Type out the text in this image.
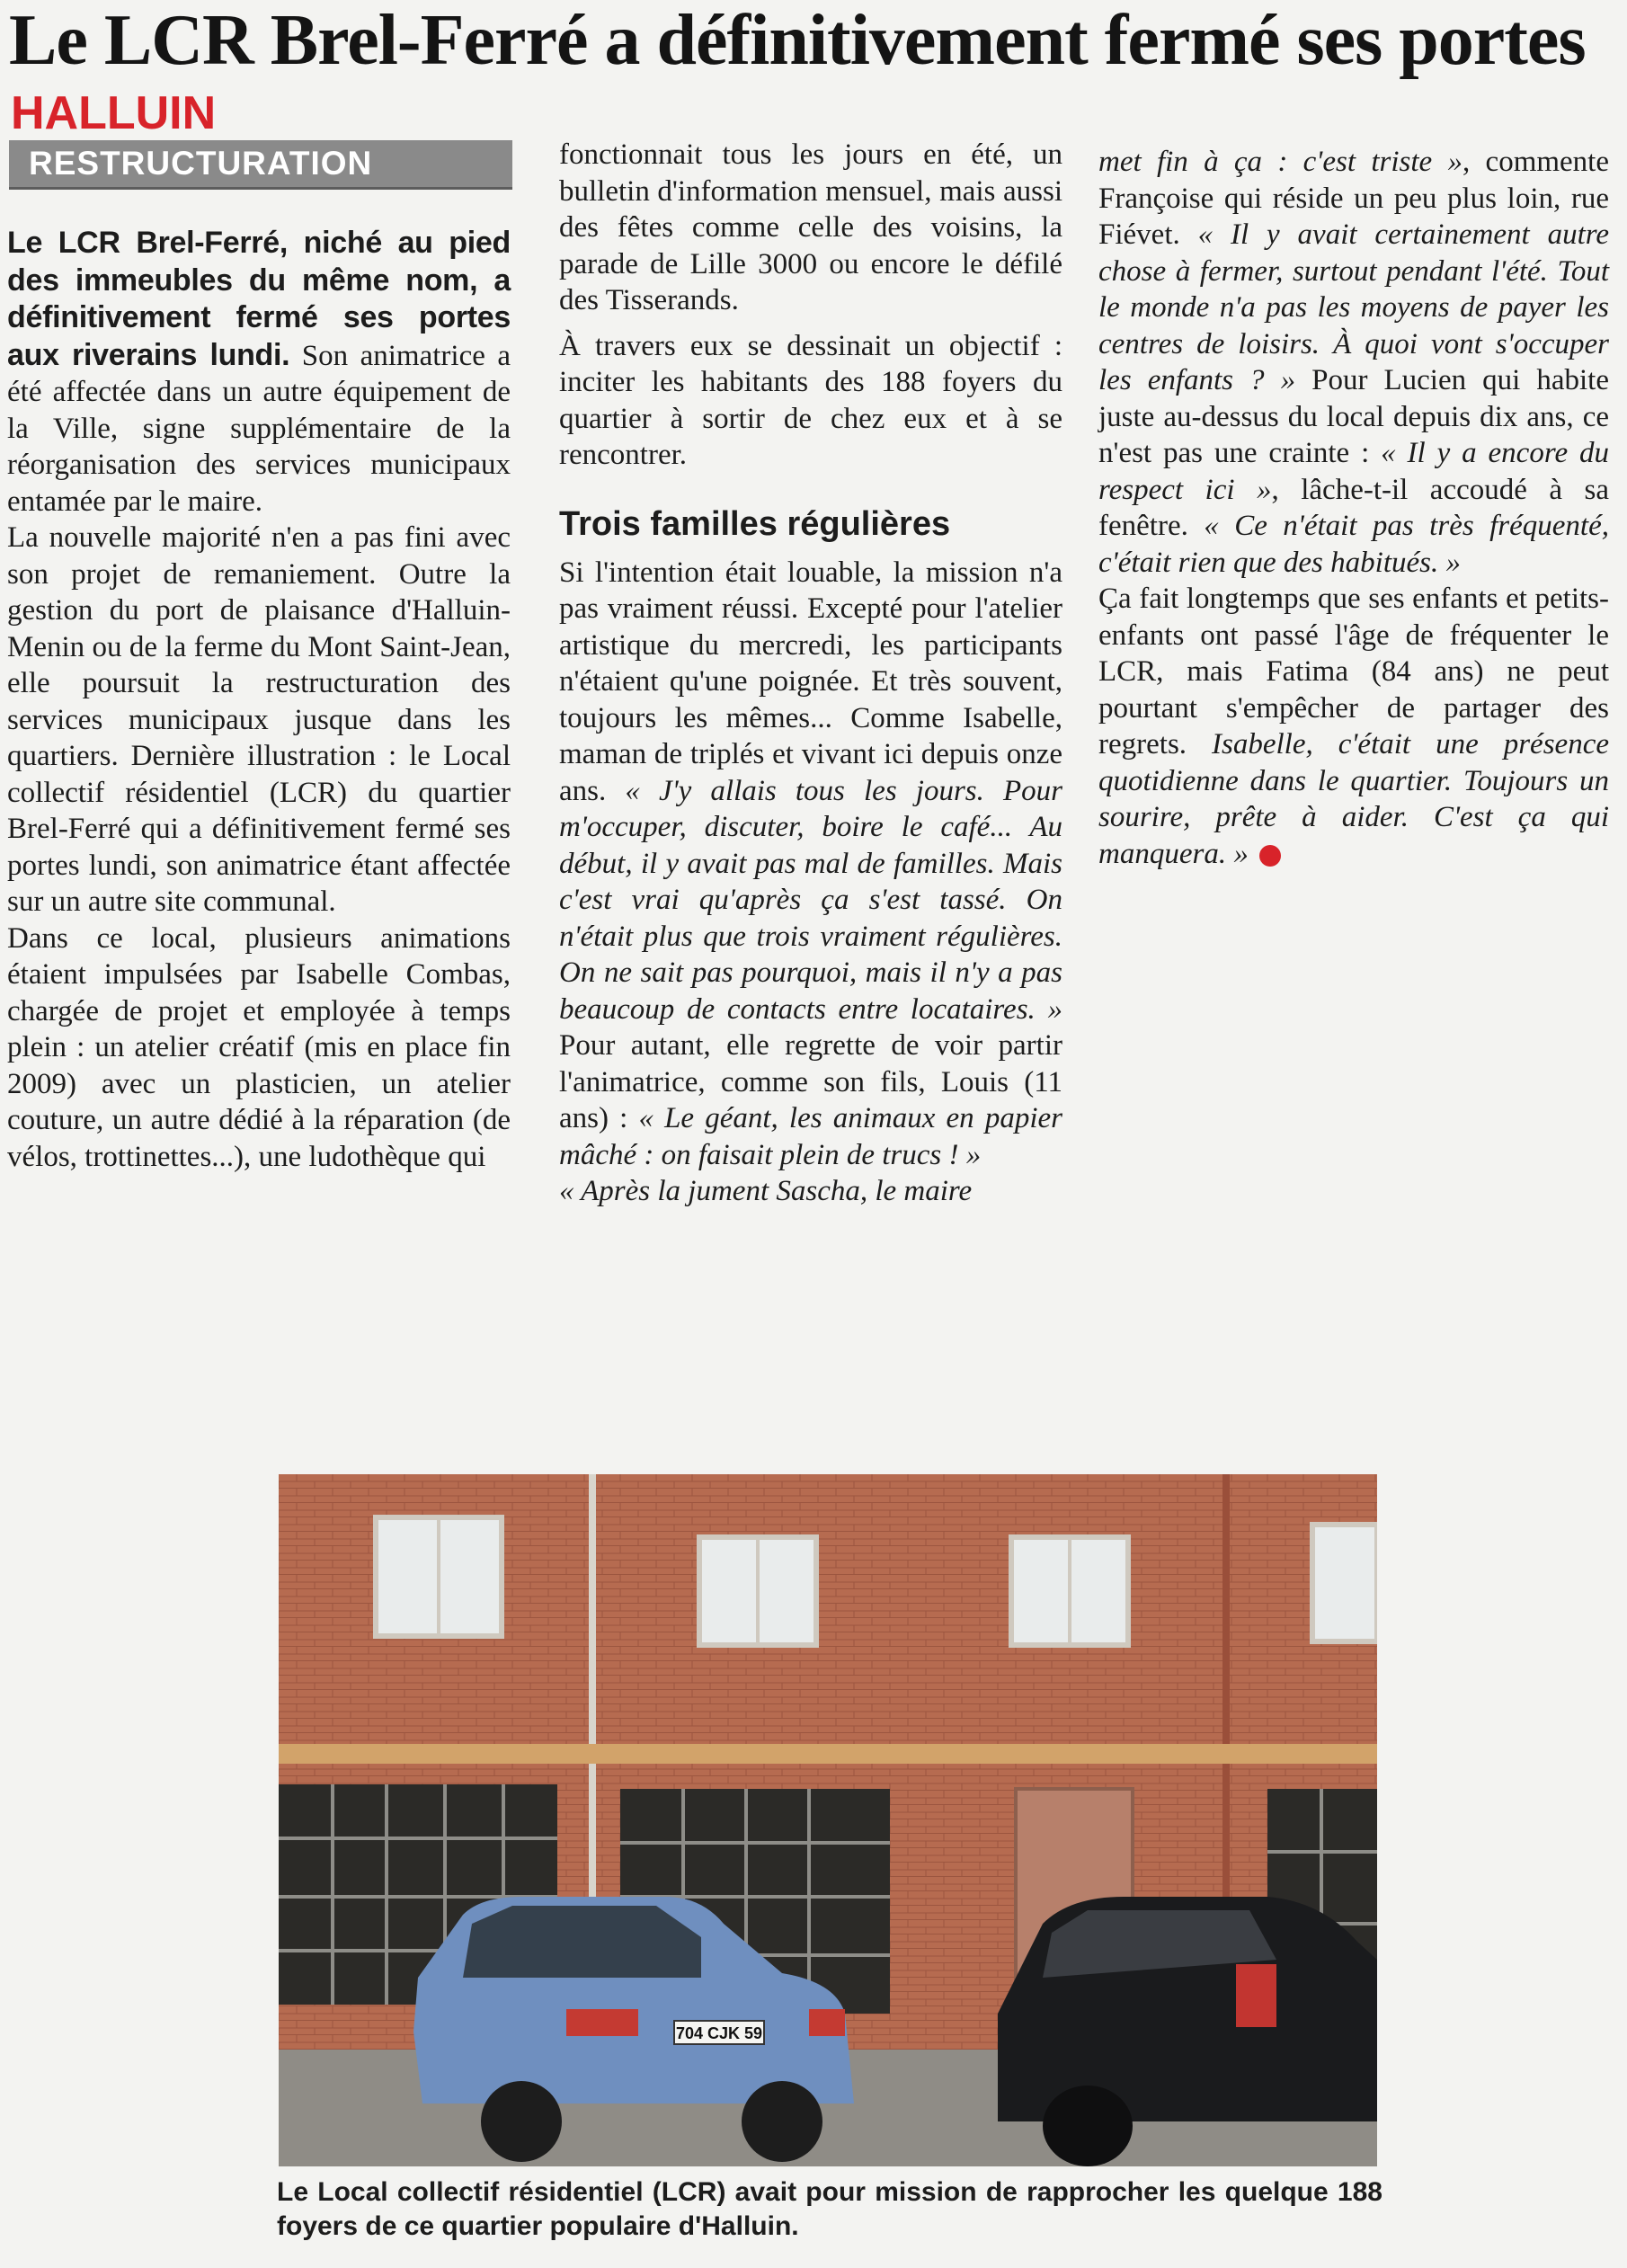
Le LCR Brel-Ferré a définitivement fermé ses portes
HALLUIN
RESTRUCTURATION

Le LCR Brel-Ferré, niché au pied des immeubles du même nom, a définitivement fermé ses portes aux riverains lundi. Son animatrice a été affectée dans un autre équipement de la Ville, signe supplémentaire de la réorganisation des services municipaux entamée par le maire.

La nouvelle majorité n'en a pas fini avec son projet de remaniement. Outre la gestion du port de plaisance d'Halluin-Menin ou de la ferme du Mont Saint-Jean, elle poursuit la restructuration des services municipaux jusque dans les quartiers. Dernière illustration : le Local collectif résidentiel (LCR) du quartier Brel-Ferré qui a définitivement fermé ses portes lundi, son animatrice étant affectée sur un autre site communal.

Dans ce local, plusieurs animations étaient impulsées par Isabelle Combas, chargée de projet et employée à temps plein : un atelier créatif (mis en place fin 2009) avec un plasticien, un atelier couture, un autre dédié à la réparation (de vélos, trottinettes...), une ludothèque qui

fonctionnait tous les jours en été, un bulletin d'information mensuel, mais aussi des fêtes comme celle des voisins, la parade de Lille 3000 ou encore le défilé des Tisserands.

À travers eux se dessinait un objectif : inciter les habitants des 188 foyers du quartier à sortir de chez eux et à se rencontrer.

Trois familles régulières

Si l'intention était louable, la mission n'a pas vraiment réussi. Excepté pour l'atelier artistique du mercredi, les participants n'étaient qu'une poignée. Et très souvent, toujours les mêmes... Comme Isabelle, maman de triplés et vivant ici depuis onze ans. « J'y allais tous les jours. Pour m'occuper, discuter, boire le café... Au début, il y avait pas mal de familles. Mais c'est vrai qu'après ça s'est tassé. On n'était plus que trois vraiment régulières. On ne sait pas pourquoi, mais il n'y a pas beaucoup de contacts entre locataires. » Pour autant, elle regrette de voir partir l'animatrice, comme son fils, Louis (11 ans) : « Le géant, les animaux en papier mâché : on faisait plein de trucs ! »

« Après la jument Sascha, le maire

met fin à ça : c'est triste », commente Françoise qui réside un peu plus loin, rue Fiévet. « Il y avait certainement autre chose à fermer, surtout pendant l'été. Tout le monde n'a pas les moyens de payer les centres de loisirs. À quoi vont s'occuper les enfants ? » Pour Lucien qui habite juste au-dessus du local depuis dix ans, ce n'est pas une crainte : « Il y a encore du respect ici », lâche-t-il accoudé à sa fenêtre. « Ce n'était pas très fréquenté, c'était rien que des habitués. »

Ça fait longtemps que ses enfants et petits-enfants ont passé l'âge de fréquenter le LCR, mais Fatima (84 ans) ne peut pourtant s'empêcher de partager des regrets. Isabelle, c'était une présence quotidienne dans le quartier. Toujours un sourire, prête à aider. C'est ça qui manquera. »

704 CJK 59
Le Local collectif résidentiel (LCR) avait pour mission de rapprocher les quelque 188 foyers de ce quartier populaire d'Halluin.
